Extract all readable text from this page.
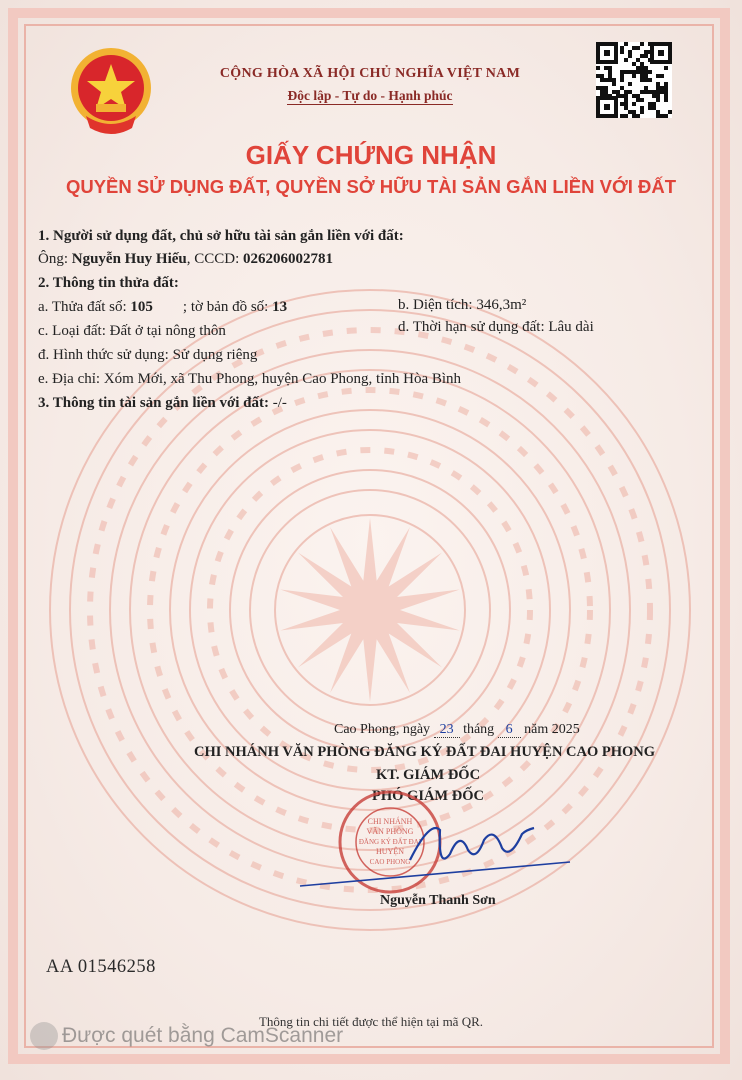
CỘNG HÒA XÃ HỘI CHỦ NGHĨA VIỆT NAM
Độc lập - Tự do - Hạnh phúc
GIẤY CHỨNG NHẬN
QUYỀN SỬ DỤNG ĐẤT, QUYỀN SỞ HỮU TÀI SẢN GẮN LIỀN VỚI ĐẤT
1. Người sử dụng đất, chủ sở hữu tài sản gắn liền với đất:
Ông: Nguyễn Huy Hiếu, CCCD: 026206002781
2. Thông tin thửa đất:
a. Thửa đất số: 105 ; tờ bản đồ số: 13	b. Diện tích: 346,3m²
c. Loại đất: Đất ở tại nông thôn	d. Thời hạn sử dụng đất: Lâu dài
đ. Hình thức sử dụng: Sử dụng riêng
e. Địa chỉ: Xóm Mới, xã Thu Phong, huyện Cao Phong, tỉnh Hòa Bình
3. Thông tin tài sản gắn liền với đất: -/-
Cao Phong, ngày 23 tháng 6 năm 2025
CHI NHÁNH VĂN PHÒNG ĐĂNG KÝ ĐẤT ĐAI HUYỆN CAO PHONG
KT. GIÁM ĐỐC
PHÓ GIÁM ĐỐC
CHI NHÁNH
VĂN PHÒNG
ĐĂNG KÝ ĐẤT ĐAI
HUYỆN
CAO PHONG
Nguyễn Thanh Sơn
AA 01546258
Thông tin chi tiết được thể hiện tại mã QR.
Được quét bằng CamScanner
